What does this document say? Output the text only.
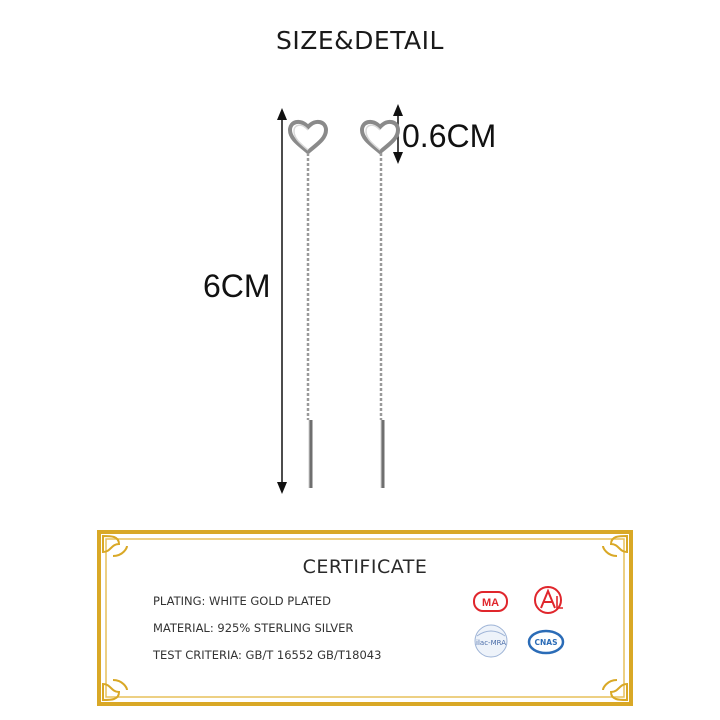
SIZE&DETAIL
6CM
0.6CM
MA
ilac-MRA	CNAS
CERTIFICATE
PLATING: WHITE GOLD PLATED
MATERIAL: 925% STERLING SILVER
TEST CRITERIA: GB/T 16552 GB/T18043
